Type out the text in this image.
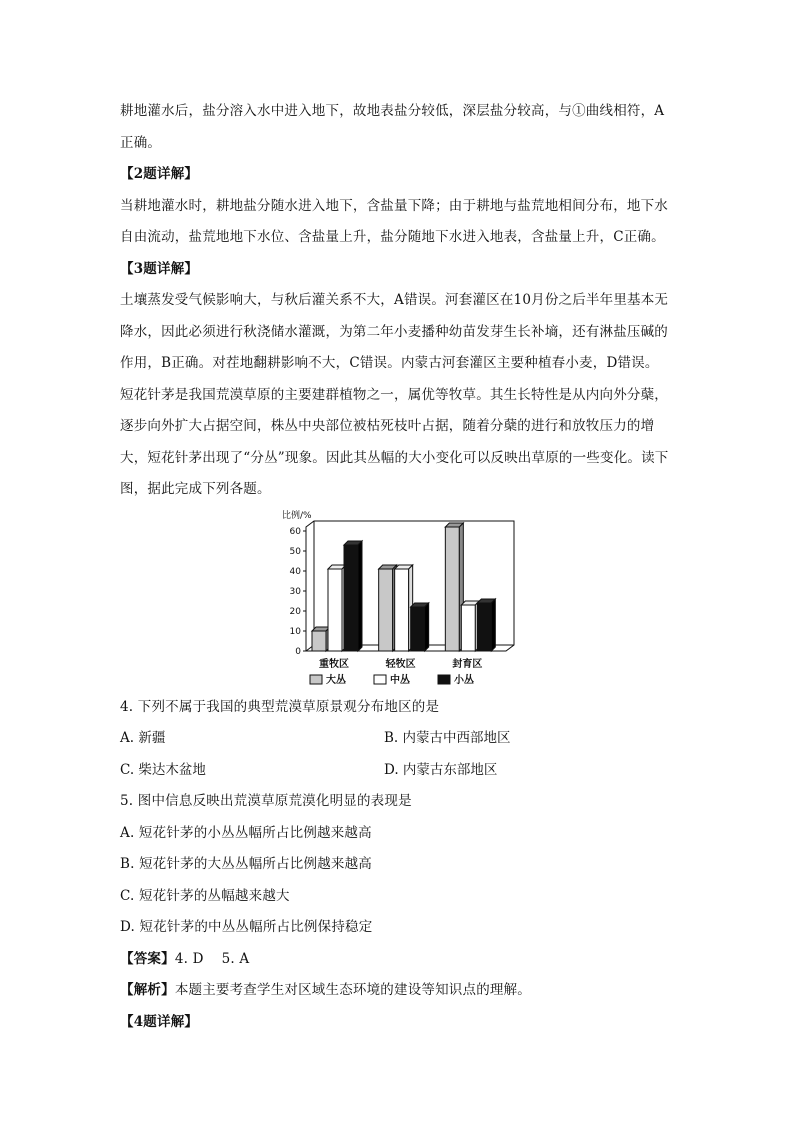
耕地灌水后，盐分溶入水中进入地下，故地表盐分较低，深层盐分较高，与①曲线相符，A

正确。

【2题详解】

当耕地灌水时，耕地盐分随水进入地下，含盐量下降；由于耕地与盐荒地相间分布，地下水自由流动，盐荒地地下水位、含盐量上升，盐分随地下水进入地表，含盐量上升，C正确。

【3题详解】

土壤蒸发受气候影响大，与秋后灌关系不大，A错误。河套灌区在10月份之后半年里基本无降水，因此必须进行秋浇储水灌溉，为第二年小麦播种幼苗发芽生长补墒，还有淋盐压碱的作用，B正确。对茬地翻耕影响不大，C错误。内蒙古河套灌区主要种植春小麦，D错误。

短花针茅是我国荒漠草原的主要建群植物之一，属优等牧草。其生长特性是从内向外分蘖，逐步向外扩大占据空间，株丛中央部位被枯死枝叶占据，随着分蘖的进行和放牧压力的增大，短花针茅出现了“分丛”现象。因此其丛幅的大小变化可以反映出草原的一些变化。读下图，据此完成下列各题。

比例/%
0
10
20
30
40
50
60
重牧区	轻牧区	封育区
大丛	中丛	小丛

4. 下列不属于我国的典型荒漠草原景观分布地区的是

A. 新疆	B. 内蒙古中西部地区
C. 柴达木盆地	D. 内蒙古东部地区

5. 图中信息反映出荒漠草原荒漠化明显的表现是

A. 短花针茅的小丛丛幅所占比例越来越高

B. 短花针茅的大丛丛幅所占比例越来越高

C. 短花针茅的丛幅越来越大

D. 短花针茅的中丛丛幅所占比例保持稳定

【答案】4. D    5. A

【解析】本题主要考查学生对区域生态环境的建设等知识点的理解。

【4题详解】
